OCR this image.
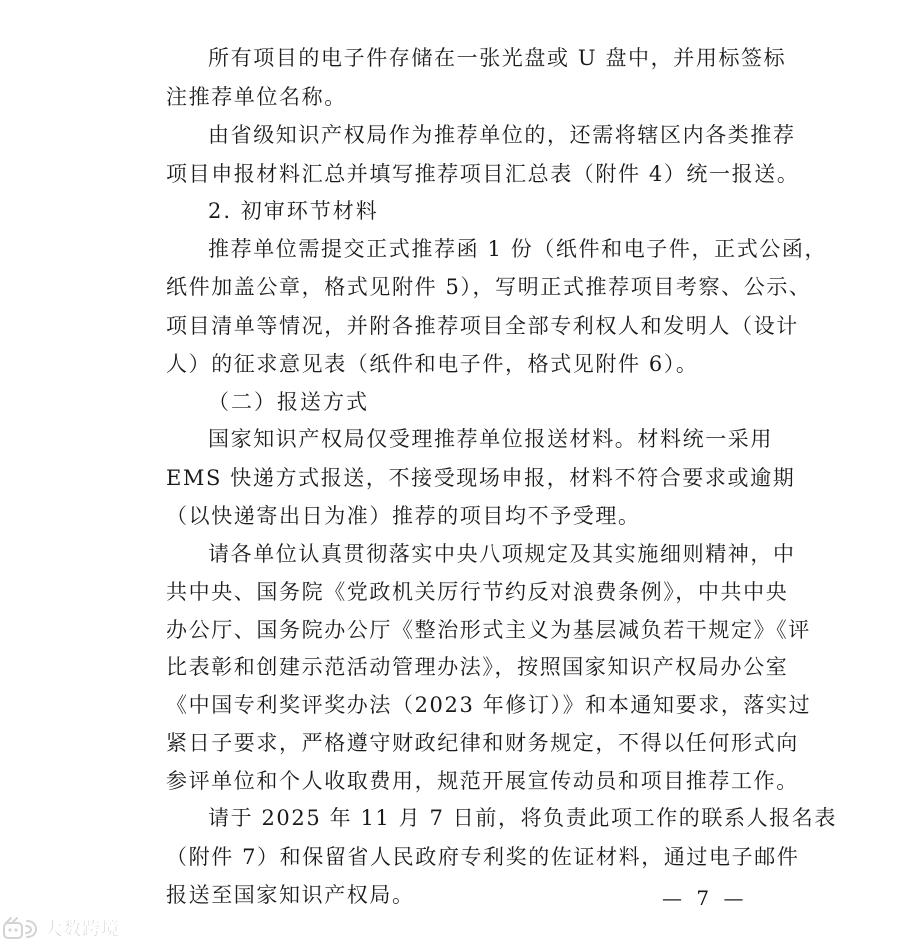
所有项目的电子件存储在一张光盘或 U 盘中，并用标签标
注推荐单位名称。
由省级知识产权局作为推荐单位的，还需将辖区内各类推荐
项目申报材料汇总并填写推荐项目汇总表（附件 4）统一报送。
2. 初审环节材料
推荐单位需提交正式推荐函 1 份（纸件和电子件，正式公函，
纸件加盖公章，格式见附件 5），写明正式推荐项目考察、公示、
项目清单等情况，并附各推荐项目全部专利权人和发明人（设计
人）的征求意见表（纸件和电子件，格式见附件 6）。
（二）报送方式
国家知识产权局仅受理推荐单位报送材料。材料统一采用
EMS 快递方式报送，不接受现场申报，材料不符合要求或逾期
（以快递寄出日为准）推荐的项目均不予受理。
请各单位认真贯彻落实中央八项规定及其实施细则精神，中
共中央、国务院《党政机关厉行节约反对浪费条例》，中共中央
办公厅、国务院办公厅《整治形式主义为基层减负若干规定》《评
比表彰和创建示范活动管理办法》，按照国家知识产权局办公室
《中国专利奖评奖办法（2023 年修订）》和本通知要求，落实过
紧日子要求，严格遵守财政纪律和财务规定，不得以任何形式向
参评单位和个人收取费用，规范开展宣传动员和项目推荐工作。
请于 2025 年 11 月 7 日前，将负责此项工作的联系人报名表
（附件 7）和保留省人民政府专利奖的佐证材料，通过电子邮件
报送至国家知识产权局。	— 7 —
大数跨境
